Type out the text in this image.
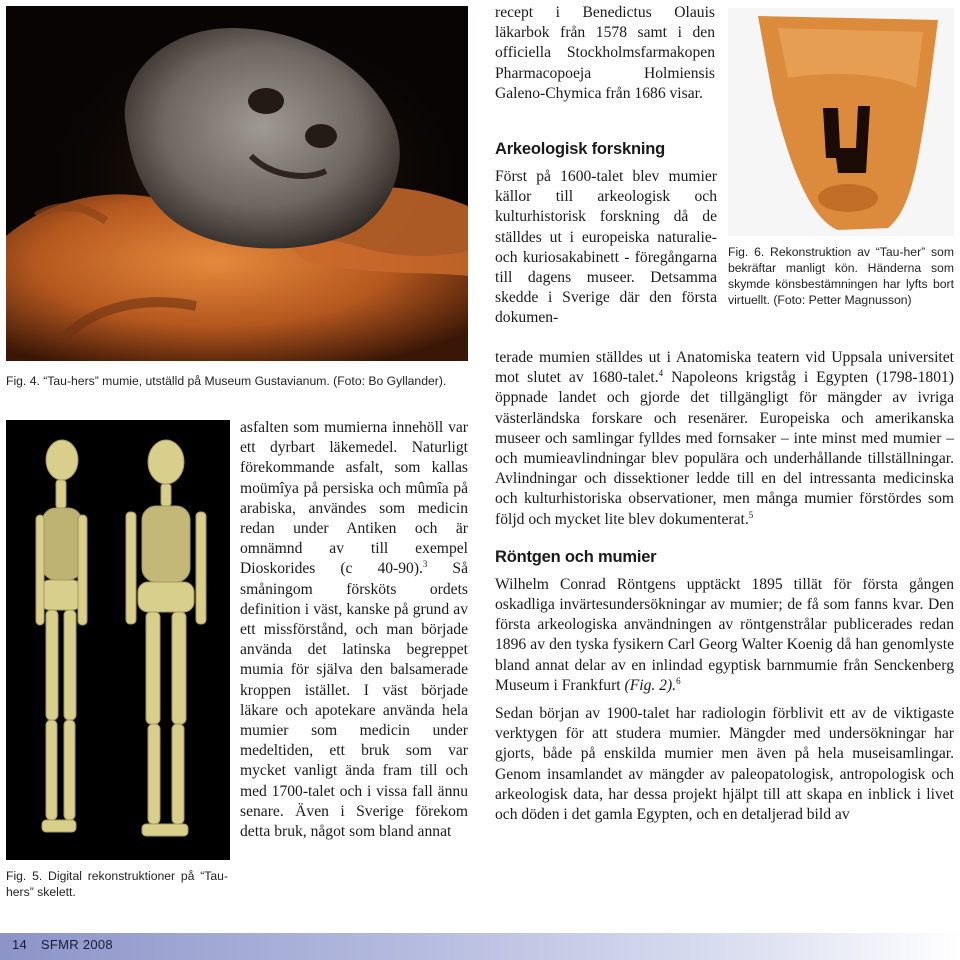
Fig. 4. “Tau-hers” mumie, utställd på Museum Gustavianum. (Foto: Bo Gyllander).
Fig. 5. Digital rekonstruktioner på “Tau-hers” skelett.
Fig. 6. Rekonstruktion av “Tau-her” som bekräftar manligt kön. Händerna som skymde könsbestämningen har lyfts bort virtuellt. (Foto: Petter Magnusson)
asfalten som mumierna innehöll var ett dyrbart läkemedel. Naturligt förekommande asfalt, som kallas moümîya på persiska och mûmîa på arabiska, användes som medicin redan under Antiken och är omnämnd av till exempel Dioskorides (c 40-90).$^3$ Så småningom försköts ordets definition i väst, kanske på grund av ett missförstånd, och man började använda det latinska begreppet mumia för själva den balsamerade kroppen istället. I väst började läkare och apotekare använda hela mumier som medicin under medeltiden, ett bruk som var mycket vanligt ända fram till och med 1700-talet och i vissa fall ännu senare. Även i Sverige förekom detta bruk, något som bland annat
recept i Benedictus Olauis läkarbok från 1578 samt i den officiella Stockholmsfarmakopen Pharmacopoeja Holmiensis Galeno-Chymica från 1686 visar.
Arkeologisk forskning
Först på 1600-talet blev mumier källor till arkeologisk och kulturhistorisk forskning då de ställdes ut i europeiska naturalie- och kuriosakabinett - föregångarna till dagens museer. Detsamma skedde i Sverige där den första dokumen-
terade mumien ställdes ut i Anatomiska teatern vid Uppsala universitet mot slutet av 1680-talet.$^4$ Napoleons krigståg i Egypten (1798-1801) öppnade landet och gjorde det tillgängligt för mängder av ivriga västerländska forskare och resenärer. Europeiska och amerikanska museer och samlingar fylldes med fornsaker – inte minst med mumier – och mumieavlindningar blev populära och underhållande tillställningar. Avlindningar och dissektioner ledde till en del intressanta medicinska och kulturhistoriska observationer, men många mumier förstördes som följd och mycket lite blev dokumenterat.$^5$
Röntgen och mumier
Wilhelm Conrad Röntgens upptäckt 1895 tillät för första gången oskadliga invärtesundersökningar av mumier; de få som fanns kvar. Den första arkeologiska användningen av röntgenstrålar publicerades redan 1896 av den tyska fysikern Carl Georg Walter Koenig då han genomlyste bland annat delar av en inlindad egyptisk barnmumie från Senckenberg Museum i Frankfurt (Fig. 2).$^6$
Sedan början av 1900-talet har radiologin förblivit ett av de viktigaste verktygen för att studera mumier. Mängder med undersökningar har gjorts, både på enskilda mumier men även på hela museisamlingar. Genom insamlandet av mängder av paleopatologisk, antropologisk och arkeologisk data, har dessa projekt hjälpt till att skapa en inblick i livet och döden i det gamla Egypten, och en detaljerad bild av
14 SFMR 2008
